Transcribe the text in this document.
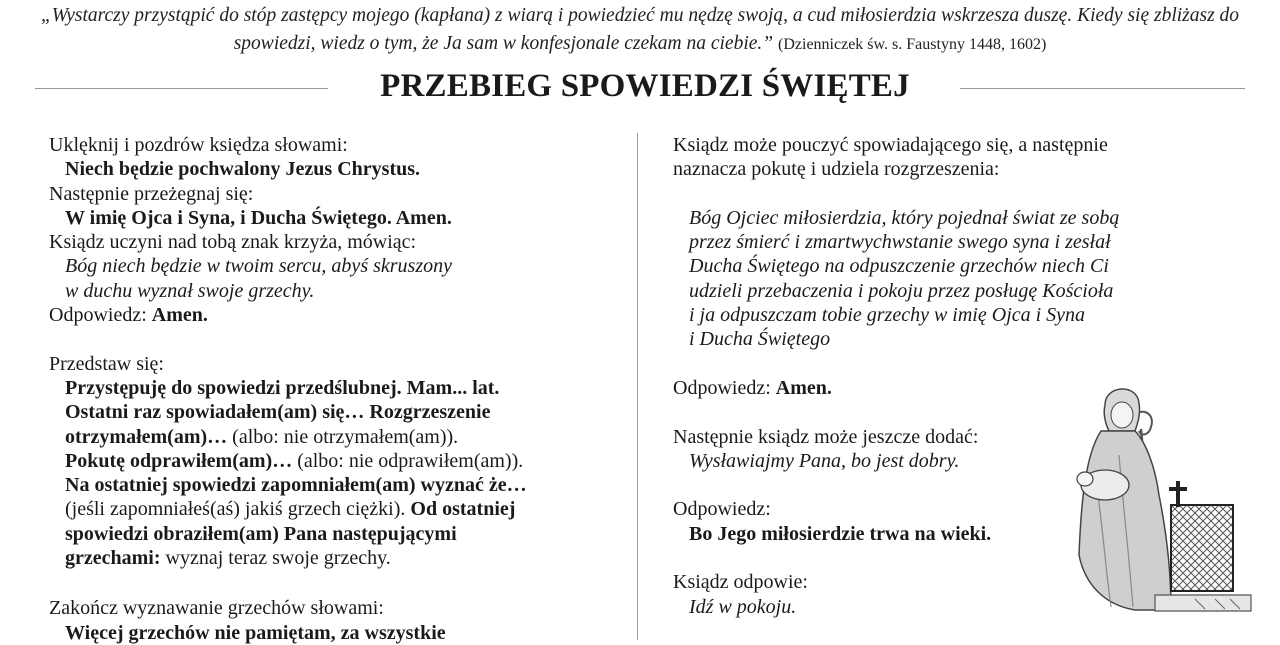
„Wystarczy przystąpić do stóp zastępcy mojego (kapłana) z wiarą i powiedzieć mu nędzę swoją, a cud miłosierdzia wskrzesza duszę. Kiedy się zbliżasz do spowiedzi, wiedz o tym, że Ja sam w konfesjonale czekam na ciebie.” (Dzienniczek św. s. Faustyny 1448, 1602)
PRZEBIEG SPOWIEDZI ŚWIĘTEJ
Uklęknij i pozdrów księdza słowami:
Niech będzie pochwalony Jezus Chrystus.
Następnie przeżegnaj się:
W imię Ojca i Syna, i Ducha Świętego. Amen.
Ksiądz uczyni nad tobą znak krzyża, mówiąc:
Bóg niech będzie w twoim sercu, abyś skruszony
w duchu wyznał swoje grzechy.
Odpowiedz: Amen.
Przedstaw się:
Przystępuję do spowiedzi przedślubnej. Mam... lat.
Ostatni raz spowiadałem(am) się… Rozgrzeszenie
otrzymałem(am)… (albo: nie otrzymałem(am)).
Pokutę odprawiłem(am)… (albo: nie odprawiłem(am)).
Na ostatniej spowiedzi zapomniałem(am) wyznać że…
(jeśli zapomniałeś(aś) jakiś grzech ciężki). Od ostatniej
spowiedzi obraziłem(am) Pana następującymi
grzechami: wyznaj teraz swoje grzechy.
Zakończ wyznawanie grzechów słowami:
Więcej grzechów nie pamiętam, za wszystkie
Ksiądz może pouczyć spowiadającego się, a następnie
naznacza pokutę i udziela rozgrzeszenia:
Bóg Ojciec miłosierdzia, który pojednał świat ze sobą
przez śmierć i zmartwychwstanie swego syna i zesłał
Ducha Świętego na odpuszczenie grzechów niech Ci
udzieli przebaczenia i pokoju przez posługę Kościoła
i ja odpuszczam tobie grzechy w imię Ojca i Syna
i Ducha Świętego
Odpowiedz: Amen.
Następnie ksiądz może jeszcze dodać:
Wysławiajmy Pana, bo jest dobry.
Odpowiedz:
Bo Jego miłosierdzie trwa na wieki.
Ksiądz odpowie:
Idź w pokoju.
